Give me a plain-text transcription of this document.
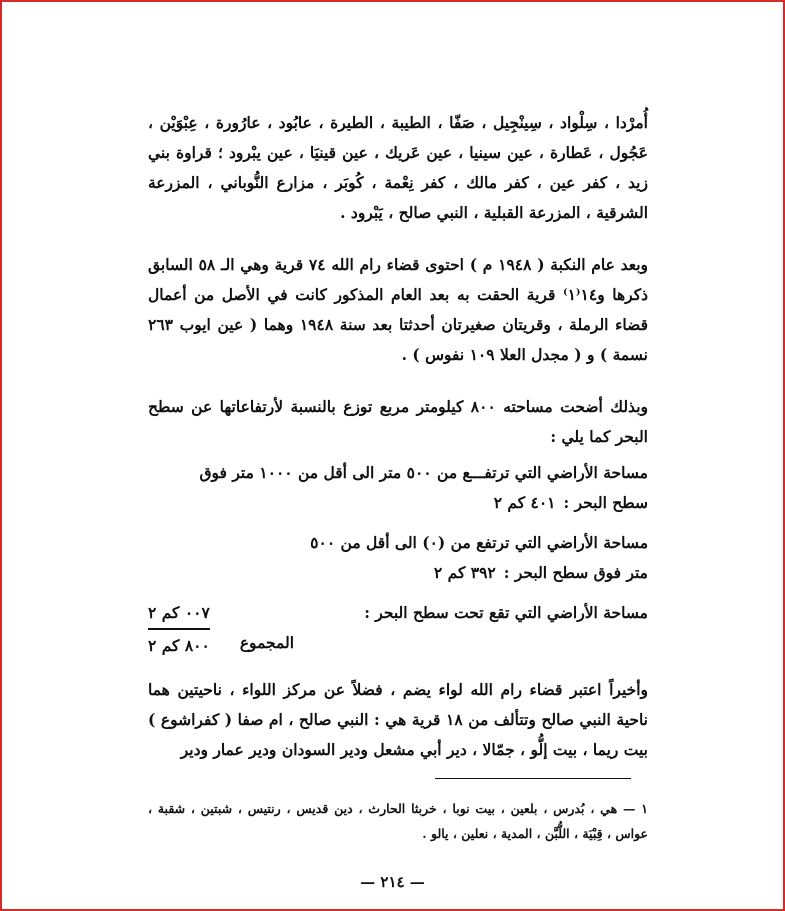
أُمرْدا ، سِلْواد ، سِينْجِيل ، صَفّا ، الطيبة ، الطيرة ، عابُود ، عارُورة ، عِبْوَيْن ، عَجُول ، عَطارة ، عين سينيا ، عين عَريك ، عين قينيَا ، عين يبْرود ؛ قراوة بني زيد ، كفر عين ، كفر مالك ، كفر نِعْمة ، كُوبَر ، مزارع النُّوباني ، المزرعة الشرقية ، المزرعة القبلية ، النبي صالح ، يَبْرود .

وبعد عام النكبة ( ١٩٤٨ م ) احتوى قضاء رام الله ٧٤ قرية وهي الـ ٥٨ السابق ذكرها و١٤⁽١⁾ قرية الحقت به بعد العام المذكور كانت في الأصل من أعمال قضاء الرملة ، وقريتان صغيرتان أحدثتا بعد سنة ١٩٤٨ وهما ( عين ايوب ٢٦٣ نسمة ) و ( مجدل العلا ١٠٩ نفوس ) .

وبذلك أضحت مساحته ٨٠٠ كيلومتر مربع توزع بالنسبة لأرتفاعاتها عن سطح البحر كما يلي :

مساحة الأراضي التي ترتفـــع من ٥٠٠ متر الى أقل من ١٠٠٠ متر فوق

سطح البحر :
٤٠١ كم ٢

مساحة الأراضي التي ترتفع من (٠) الى أقل من ٥٠٠

متر فوق سطح البحر :
٣٩٢ كم ٢
مساحة الأراضي التي تقع تحت سطح البحر :
٠٠٧ كم ٢
المجموع
٨٠٠ كم ٢

وأخيراً اعتبر قضاء رام الله لواء يضم ، فضلاً عن مركز اللواء ، ناحيتين هما ناحية النبي صالح وتتألف من ١٨ قرية هي : النبي صالح ، ام صفا ( كفراشوع ) بيت ريما ، بيت إلُّو ، جمّالا ، دير أبي مشعل ودير السودان ودير عمار ودير

١ — هي ، بُدرس ، بلعين ، بيت نوبا ، خربثا الحارث ، دين قديس ، رنتيس ، شبتين ، شقبة ، عواس ، قِبْيَة ، اللُّبَّن ، المدية ، نعلين ، يالو .
— ٢١٤ —
